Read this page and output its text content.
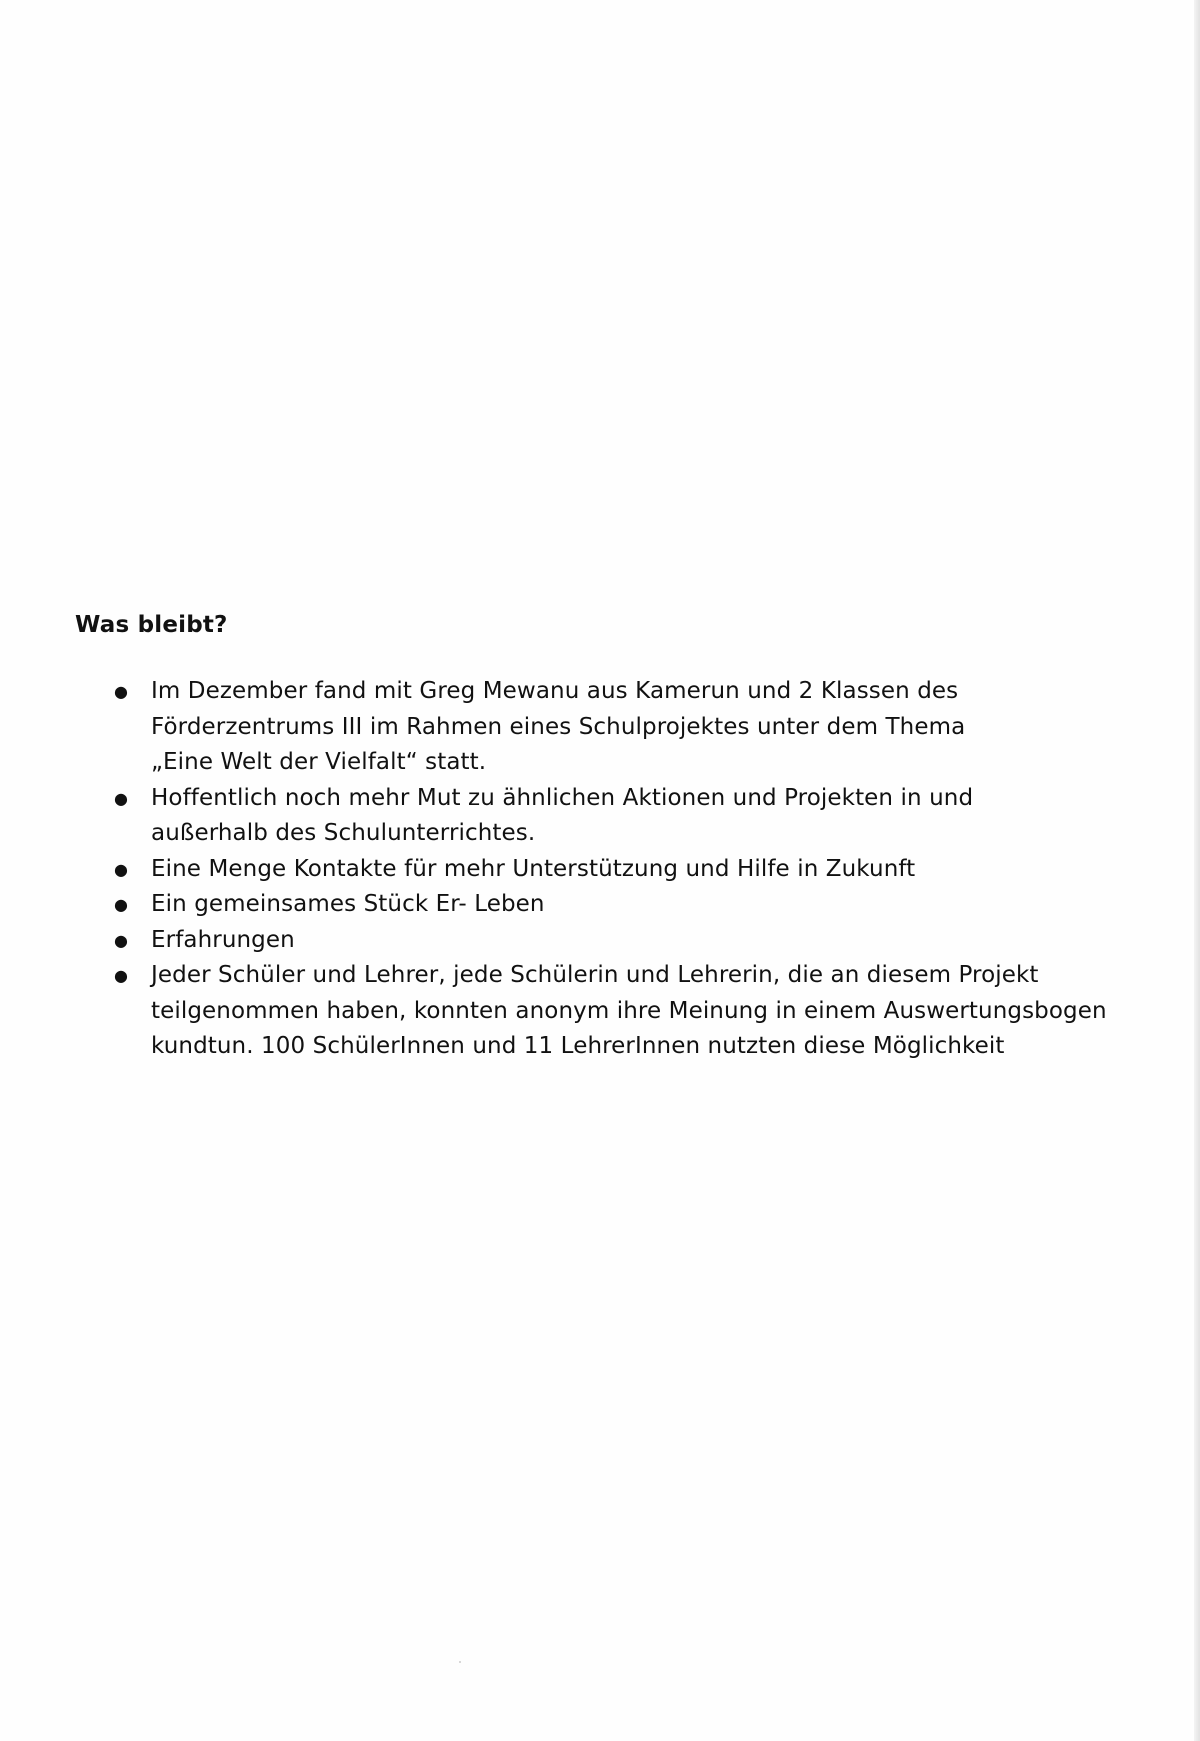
Was bleibt?
● Im Dezember fand mit Greg Mewanu aus Kamerun und 2 Klassen des
Förderzentrums III im Rahmen eines Schulprojektes unter dem Thema
„Eine Welt der Vielfalt“ statt.
● Hoffentlich noch mehr Mut zu ähnlichen Aktionen und Projekten in und
außerhalb des Schulunterrichtes.
● Eine Menge Kontakte für mehr Unterstützung und Hilfe in Zukunft
● Ein gemeinsames Stück Er- Leben
● Erfahrungen
● Jeder Schüler und Lehrer, jede Schülerin und Lehrerin, die an diesem Projekt
teilgenommen haben, konnten anonym ihre Meinung in einem Auswertungsbogen
kundtun. 100 SchülerInnen und 11 LehrerInnen nutzten diese Möglichkeit
